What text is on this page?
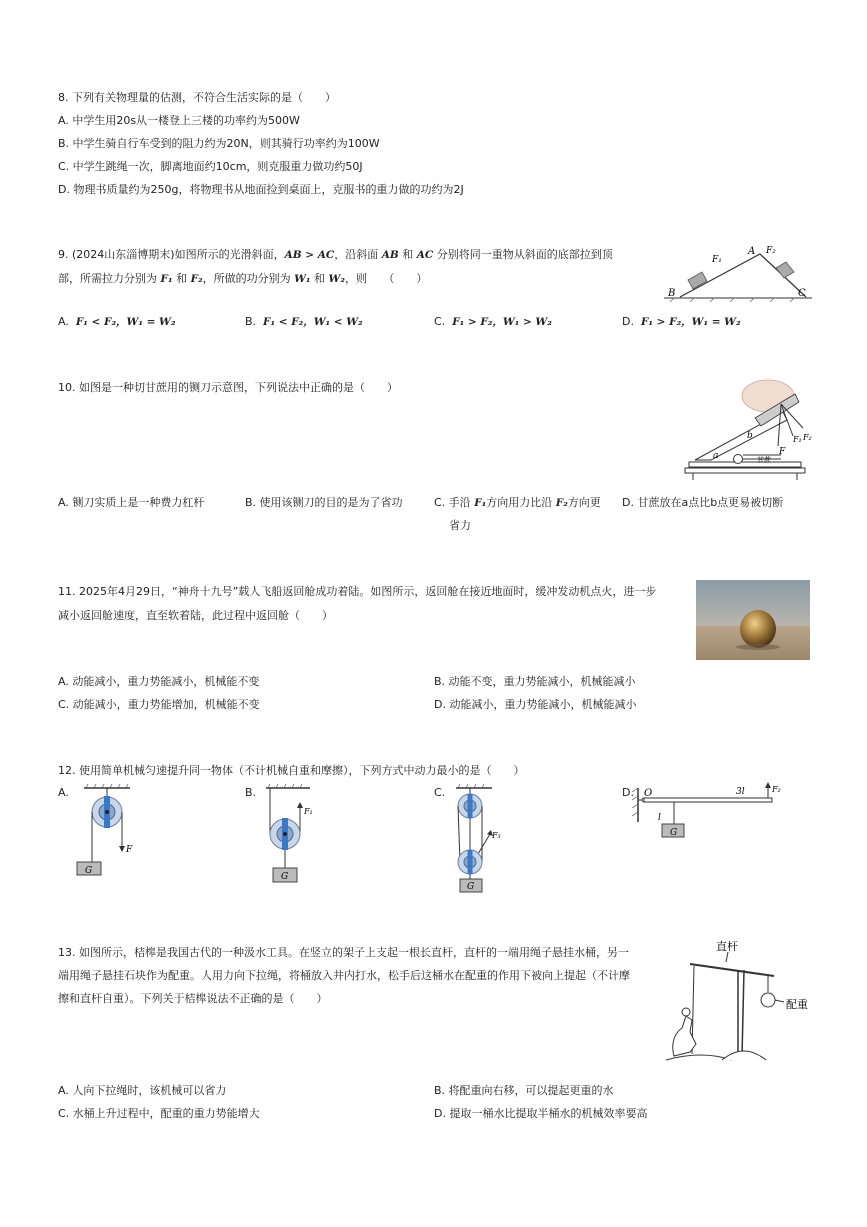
8. 下列有关物理量的估测，不符合生活实际的是（　　）
A. 中学生用20s从一楼登上三楼的功率约为500W
B. 中学生骑自行车受到的阻力约为20N，则其骑行功率约为100W
C. 中学生跳绳一次，脚离地面约10cm，则克服重力做功约50J
D. 物理书质量约为250g，将物理书从地面捡到桌面上，克服书的重力做的功约为2J
9. (2024山东淄博期末)如图所示的光滑斜面，AB > AC，沿斜面 AB 和 AC 分别将同一重物从斜面的底部拉到顶
部，所需拉力分别为 F₁ 和 F₂，所做的功分别为 W₁ 和 W₂，则　　（　　）
A. F₁ < F₂，W₁ = W₂	B. F₁ < F₂，W₁ < W₂	C. F₁ > F₂，W₁ > W₂	D. F₁ > F₂，W₁ = W₂
B
A
C
F₁
F₂
10. 如图是一种切甘蔗用的铡刀示意图，下列说法中正确的是（　　）
A. 铡刀实质上是一种费力杠杆	B. 使用该铡刀的目的是为了省功	C. 手沿 F₁方向用力比沿 F₂方向更
省力
D. 甘蔗放在a点比b点更易被切断
a
b
F
F₁ F₂
甘蔗
11. 2025年4月29日，“神舟十九号”载人飞船返回舱成功着陆。如图所示，返回舱在接近地面时，缓冲发动机点火，进一步
减小返回舱速度，直至软着陆，此过程中返回舱（　　）
A. 动能减小，重力势能减小，机械能不变	B. 动能不变，重力势能减小，机械能减小
C. 动能减小，重力势能增加，机械能不变	D. 动能减小，重力势能减小，机械能减小
12. 使用简单机械匀速提升同一物体（不计机械自重和摩擦），下列方式中动力最小的是（　　）
A.	B.	C.	D.
G
F
G
F₁
G
F₃
O
l
3l
G
F₂
13. 如图所示，桔槔是我国古代的一种汲水工具。在竖立的架子上支起一根长直杆，直杆的一端用绳子悬挂水桶，另一
端用绳子悬挂石块作为配重。人用力向下拉绳，将桶放入井内打水，松手后这桶水在配重的作用下被向上提起（不计摩
擦和直杆自重）。下列关于桔槔说法不正确的是（　　）
A. 人向下拉绳时，该机械可以省力	B. 将配重向右移，可以提起更重的水
C. 水桶上升过程中，配重的重力势能增大	D. 提取一桶水比提取半桶水的机械效率要高
直杆
配重
